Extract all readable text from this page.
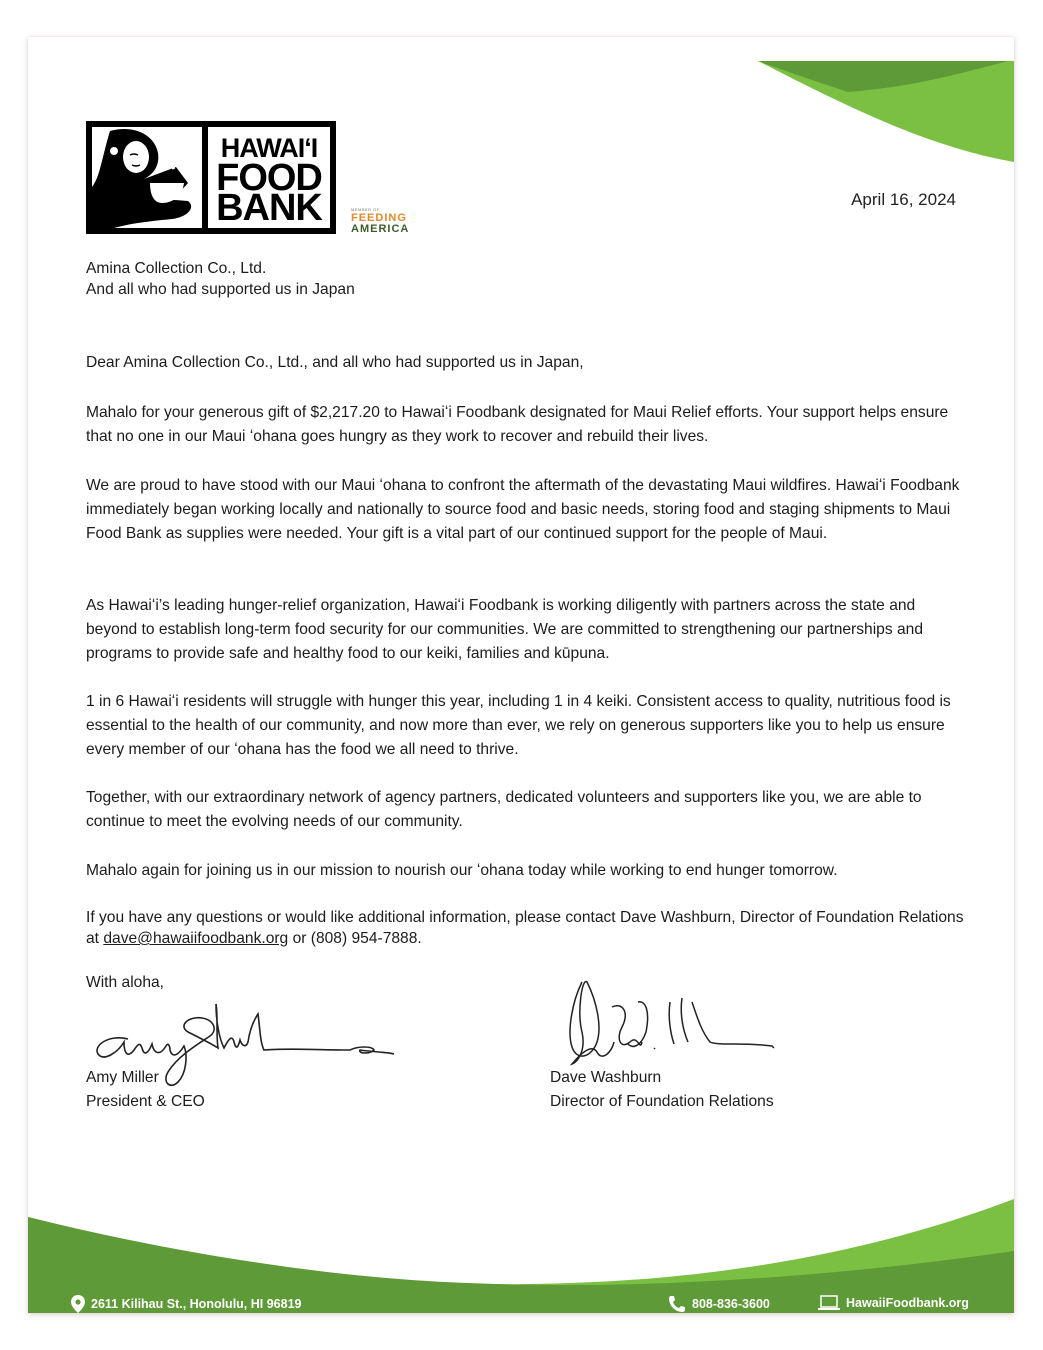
HAWAIʻI
FOOD
BANK	MEMBER OF
FEEDING
AMERICA
April 16, 2024
Amina Collection Co., Ltd.
And all who had supported us in Japan
Dear Amina Collection Co., Ltd., and all who had supported us in Japan,
Mahalo for your generous gift of $2,217.20 to Hawaiʻi Foodbank designated for Maui Relief efforts. Your support helps ensure that no one in our Maui ʻohana goes hungry as they work to recover and rebuild their lives.
We are proud to have stood with our Maui ʻohana to confront the aftermath of the devastating Maui wildfires. Hawaiʻi Foodbank immediately began working locally and nationally to source food and basic needs, storing food and staging shipments to Maui Food Bank as supplies were needed. Your gift is a vital part of our continued support for the people of Maui.
As Hawaiʻi’s leading hunger-relief organization, Hawaiʻi Foodbank is working diligently with partners across the state and beyond to establish long-term food security for our communities. We are committed to strengthening our partnerships and programs to provide safe and healthy food to our keiki, families and kūpuna.
1 in 6 Hawaiʻi residents will struggle with hunger this year, including 1 in 4 keiki. Consistent access to quality, nutritious food is essential to the health of our community, and now more than ever, we rely on generous supporters like you to help us ensure every member of our ʻohana has the food we all need to thrive.
Together, with our extraordinary network of agency partners, dedicated volunteers and supporters like you, we are able to continue to meet the evolving needs of our community.
Mahalo again for joining us in our mission to nourish our ʻohana today while working to end hunger tomorrow.
If you have any questions or would like additional information, please contact Dave Washburn, Director of Foundation Relations at dave@hawaiifoodbank.org or (808) 954-7888.
With aloha,
Amy Miller
President & CEO
Dave Washburn
Director of Foundation Relations
2611 Kilihau St., Honolulu, HI 96819	808-836-3600	HawaiiFoodbank.org
